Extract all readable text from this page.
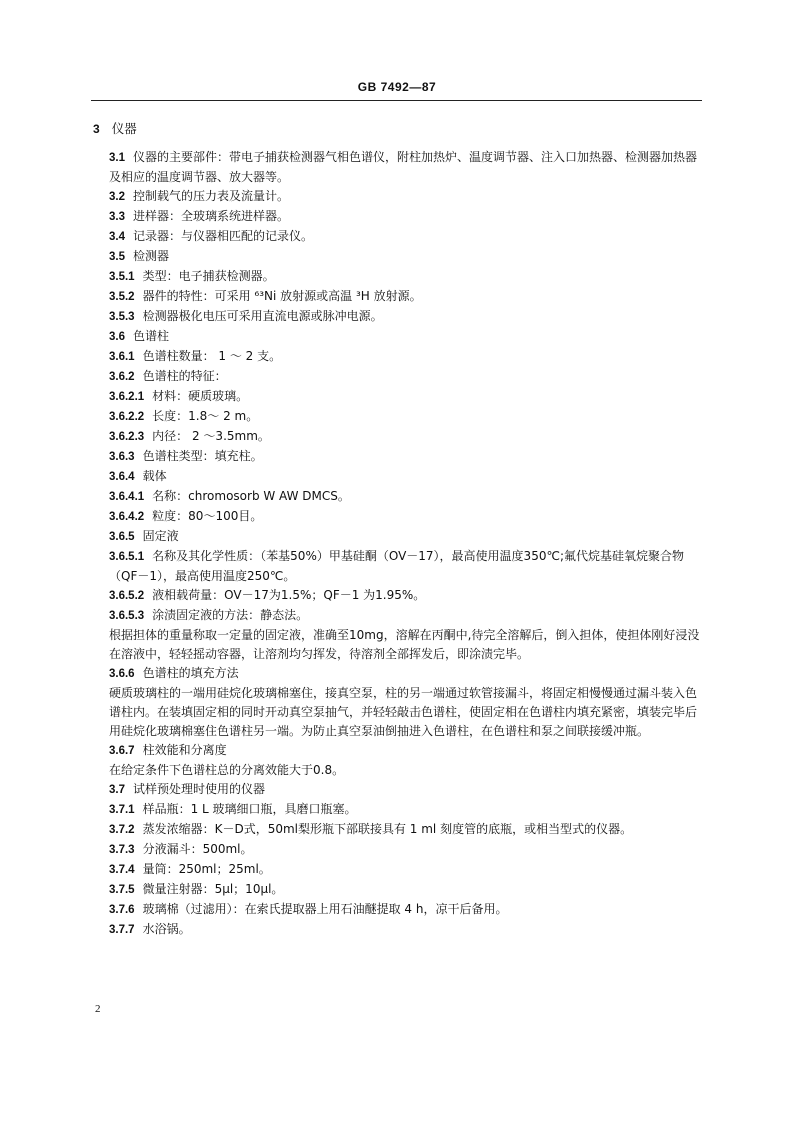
GB 7492—87
3 仪器
3.1 仪器的主要部件：带电子捕获检测器气相色谱仪，附柱加热炉、温度调节器、注入口加热器、检测器加热器及相应的温度调节器、放大器等。
3.2 控制载气的压力表及流量计。
3.3 进样器：全玻璃系统进样器。
3.4 记录器：与仪器相匹配的记录仪。
3.5 检测器
3.5.1 类型：电子捕获检测器。
3.5.2 器件的特性：可采用 ⁶³Ni 放射源或高温 ³H 放射源。
3.5.3 检测器极化电压可采用直流电源或脉冲电源。
3.6 色谱柱
3.6.1 色谱柱数量： 1 ～ 2 支。
3.6.2 色谱柱的特征：
3.6.2.1 材料：硬质玻璃。
3.6.2.2 长度：1.8～ 2 m。
3.6.2.3 内径： 2 ～3.5mm。
3.6.3 色谱柱类型：填充柱。
3.6.4 载体
3.6.4.1 名称：chromosorb W AW DMCS。
3.6.4.2 粒度：80～100目。
3.6.5 固定液
3.6.5.1 名称及其化学性质：（苯基50%）甲基硅酮（OV－17），最高使用温度350℃;氟代烷基硅氧烷聚合物（QF－1），最高使用温度250℃。
3.6.5.2 液相载荷量：OV－17为1.5%；QF－1 为1.95%。
3.6.5.3 涂渍固定液的方法：静态法。
根据担体的重量称取一定量的固定液，准确至10mg，溶解在丙酮中,待完全溶解后，倒入担体，使担体刚好浸没在溶液中，轻轻摇动容器，让溶剂均匀挥发，待溶剂全部挥发后，即涂渍完毕。
3.6.6 色谱柱的填充方法
硬质玻璃柱的一端用硅烷化玻璃棉塞住，接真空泵，柱的另一端通过软管接漏斗，将固定相慢慢通过漏斗装入色谱柱内。在装填固定相的同时开动真空泵抽气，并轻轻敲击色谱柱，使固定相在色谱柱内填充紧密，填装完毕后用硅烷化玻璃棉塞住色谱柱另一端。为防止真空泵油倒抽进入色谱柱，在色谱柱和泵之间联接缓冲瓶。
3.6.7 柱效能和分离度
在给定条件下色谱柱总的分离效能大于0.8。
3.7 试样预处理时使用的仪器
3.7.1 样品瓶：1 L 玻璃细口瓶，具磨口瓶塞。
3.7.2 蒸发浓缩器：K－D式，50ml梨形瓶下部联接具有 1 ml 刻度管的底瓶，或相当型式的仪器。
3.7.3 分液漏斗：500ml。
3.7.4 量筒：250ml；25ml。
3.7.5 微量注射器：5µl；10µl。
3.7.6 玻璃棉（过滤用）：在索氏提取器上用石油醚提取 4 h，凉干后备用。
3.7.7 水浴锅。
2
